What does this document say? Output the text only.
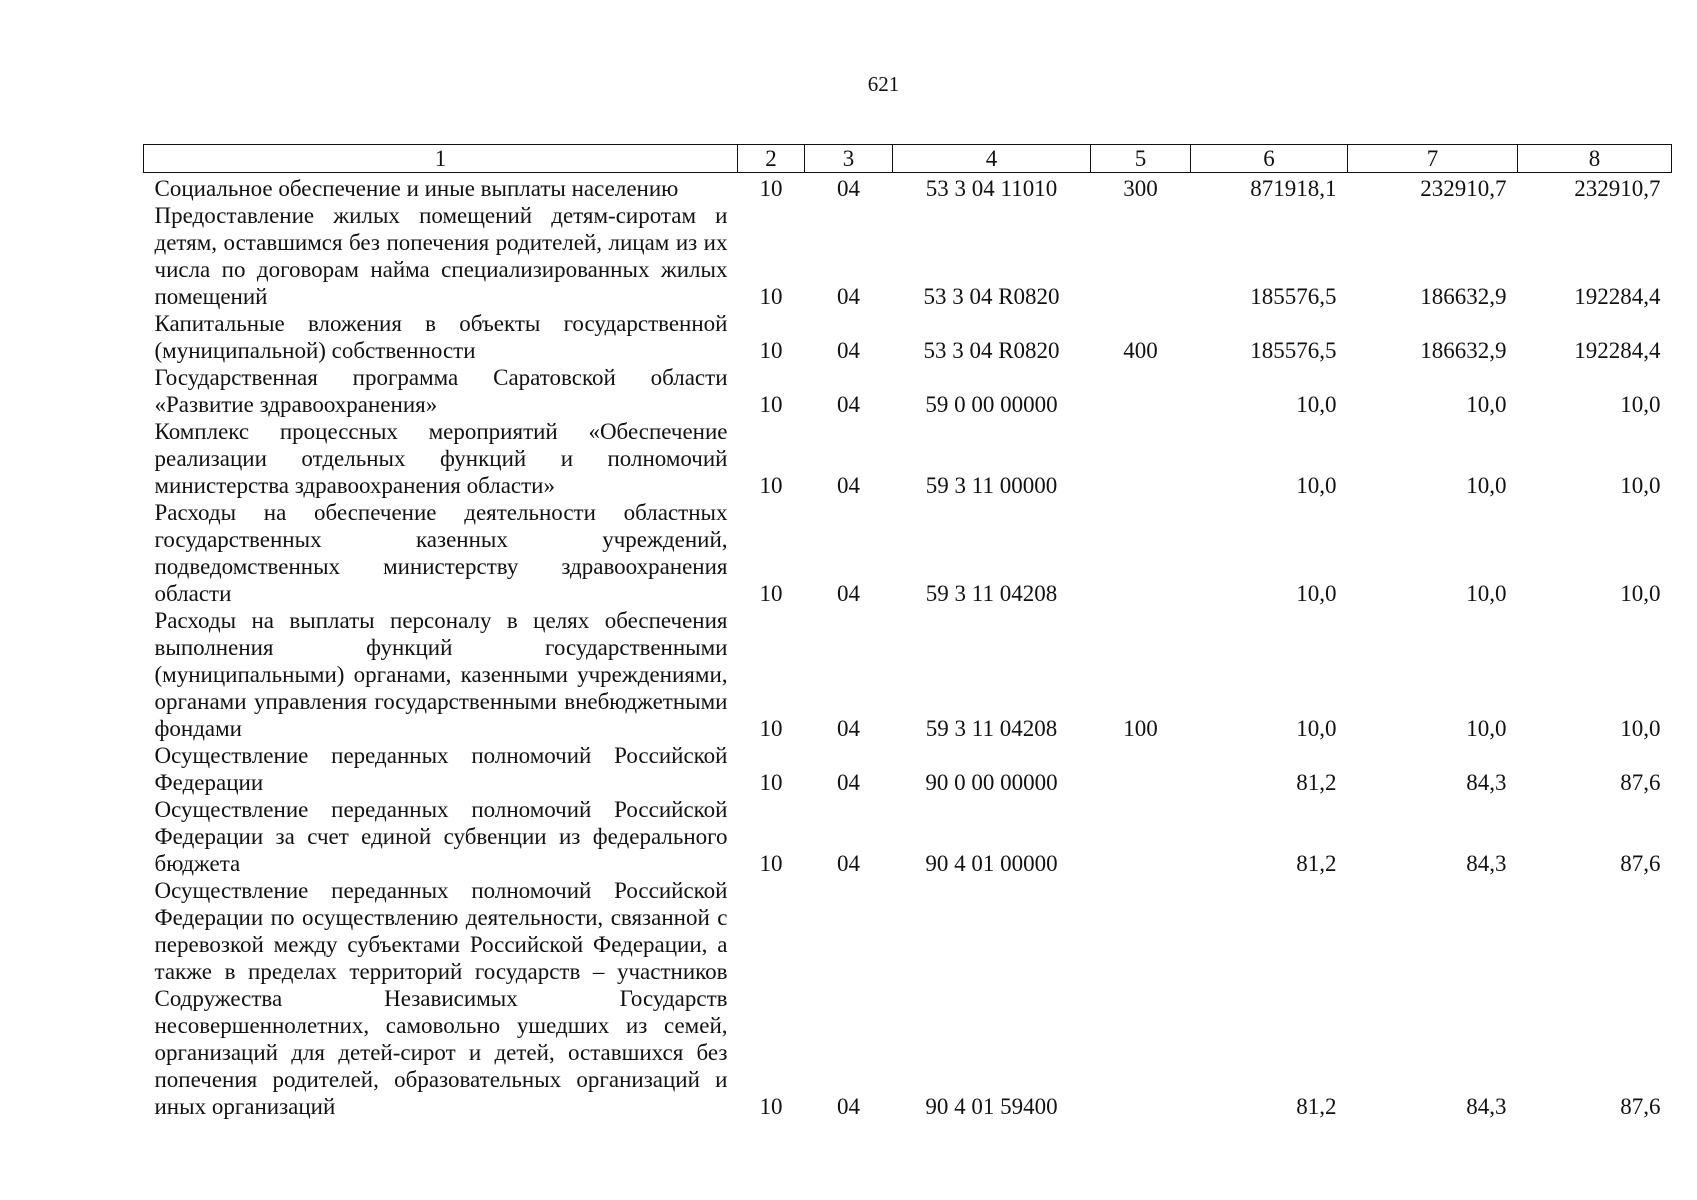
621
1	2	3	4	5	6	7	8

Социальное обеспечение и иные выплаты населению	10	04	53 3 04 11010	300	871918,1	232910,7	232910,7
Предоставление жилых помещений детям-сиротам и детям, оставшимся без попечения родителей, лицам из их числа по договорам найма специализированных жилых помещений	10	04	53 3 04 R0820		185576,5	186632,9	192284,4
Капитальные вложения в объекты государственной (муниципальной) собственности	10	04	53 3 04 R0820	400	185576,5	186632,9	192284,4
Государственная программа Саратовской области «Развитие здравоохранения»	10	04	59 0 00 00000		10,0	10,0	10,0
Комплекс процессных мероприятий «Обеспечение реализации отдельных функций и полномочий министерства здравоохранения области»	10	04	59 3 11 00000		10,0	10,0	10,0
Расходы на обеспечение деятельности областных государственных казенных учреждений, подведомственных министерству здравоохранения области	10	04	59 3 11 04208		10,0	10,0	10,0
Расходы на выплаты персоналу в целях обеспечения выполнения функций государственными (муниципальными) органами, казенными учреждениями, органами управления государственными внебюджетными фондами	10	04	59 3 11 04208	100	10,0	10,0	10,0
Осуществление переданных полномочий Российской Федерации	10	04	90 0 00 00000		81,2	84,3	87,6
Осуществление переданных полномочий Российской Федерации за счет единой субвенции из федерального бюджета	10	04	90 4 01 00000		81,2	84,3	87,6
Осуществление переданных полномочий Российской Федерации по осуществлению деятельности, связанной с перевозкой между субъектами Российской Федерации, а также в пределах территорий государств – участников Содружества Независимых Государств несовершеннолетних, самовольно ушедших из семей, организаций для детей-сирот и детей, оставшихся без попечения родителей, образовательных организаций и иных организаций	10	04	90 4 01 59400		81,2	84,3	87,6
